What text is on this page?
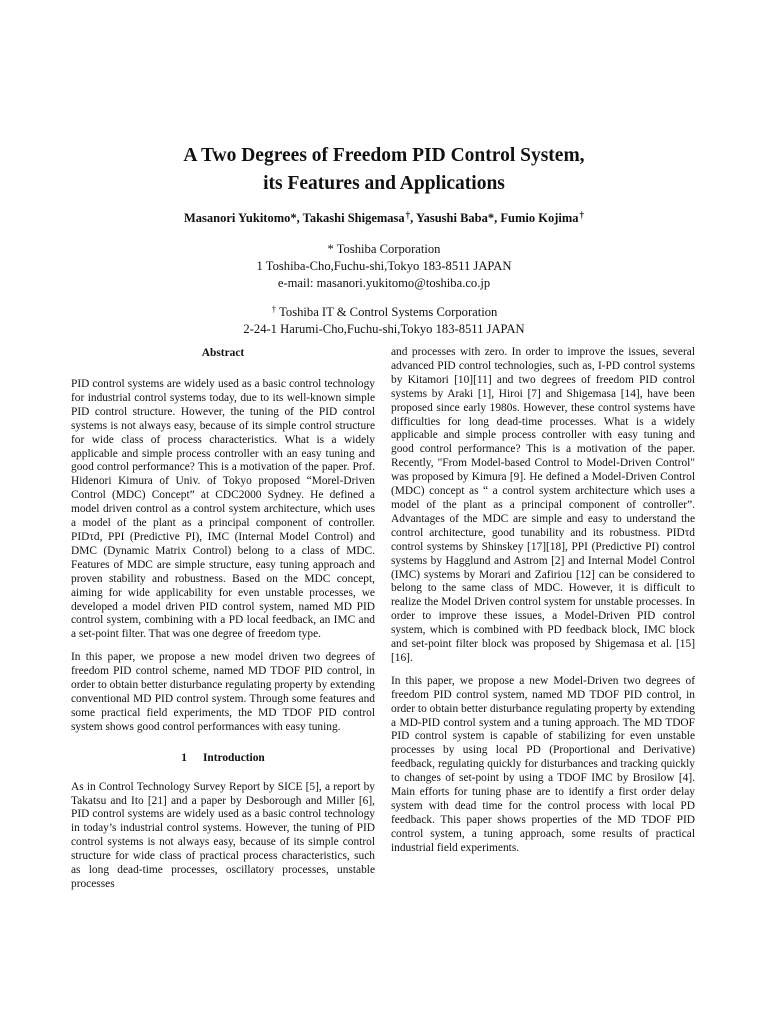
A Two Degrees of Freedom PID Control System,
its Features and Applications
Masanori Yukitomo*, Takashi Shigemasa†, Yasushi Baba*, Fumio Kojima†
* Toshiba Corporation
1 Toshiba-Cho,Fuchu-shi,Tokyo 183-8511 JAPAN
e-mail: masanori.yukitomo@toshiba.co.jp
† Toshiba IT & Control Systems Corporation
2-24-1 Harumi-Cho,Fuchu-shi,Tokyo 183-8511 JAPAN
Abstract

PID control systems are widely used as a basic control technology for industrial control systems today, due to its well-known simple PID control structure. However, the tuning of the PID control systems is not always easy, because of its simple control structure for wide class of process characteristics. What is a widely applicable and simple process controller with an easy tuning and good control performance? This is a motivation of the paper. Prof. Hidenori Kimura of Univ. of Tokyo proposed “Morel-Driven Control (MDC) Concept” at CDC2000 Sydney. He defined a model driven control as a control system architecture, which uses a model of the plant as a principal component of controller. PIDτd, PPI (Predictive PI), IMC (Internal Model Control) and DMC (Dynamic Matrix Control) belong to a class of MDC. Features of MDC are simple structure, easy tuning approach and proven stability and robustness. Based on the MDC concept, aiming for wide applicability for even unstable processes, we developed a model driven PID control system, named MD PID control system, combining with a PD local feedback, an IMC and a set-point filter. That was one degree of freedom type.

In this paper, we propose a new model driven two degrees of freedom PID control scheme, named MD TDOF PID control, in order to obtain better disturbance regulating property by extending conventional MD PID control system. Through some features and some practical field experiments, the MD TDOF PID control system shows good control performances with easy tuning.

1 Introduction

As in Control Technology Survey Report by SICE [5], a report by Takatsu and Ito [21] and a paper by Desborough and Miller [6], PID control systems are widely used as a basic control technology in today’s industrial control systems. However, the tuning of PID control systems is not always easy, because of its simple control structure for wide class of practical process characteristics, such as long dead-time processes, oscillatory processes, unstable processes

and processes with zero. In order to improve the issues, several advanced PID control technologies, such as, I-PD control systems by Kitamori [10][11] and two degrees of freedom PID control systems by Araki [1], Hiroi [7] and Shigemasa [14], have been proposed since early 1980s. However, these control systems have difficulties for long dead-time processes. What is a widely applicable and simple process controller with easy tuning and good control performance? This is a motivation of the paper. Recently, "From Model-based Control to Model-Driven Control" was proposed by Kimura [9]. He defined a Model-Driven Control (MDC) concept as “ a control system architecture which uses a model of the plant as a principal component of controller”. Advantages of the MDC are simple and easy to understand the control architecture, good tunability and its robustness. PIDτd control systems by Shinskey [17][18], PPI (Predictive PI) control systems by Hagglund and Astrom [2] and Internal Model Control (IMC) systems by Morari and Zafiriou [12] can be considered to belong to the same class of MDC. However, it is difficult to realize the Model Driven control system for unstable processes. In order to improve these issues, a Model-Driven PID control system, which is combined with PD feedback block, IMC block and set-point filter block was proposed by Shigemasa et al. [15][16].

In this paper, we propose a new Model-Driven two degrees of freedom PID control system, named MD TDOF PID control, in order to obtain better disturbance regulating property by extending a MD-PID control system and a tuning approach. The MD TDOF PID control system is capable of stabilizing for even unstable processes by using local PD (Proportional and Derivative) feedback, regulating quickly for disturbances and tracking quickly to changes of set-point by using a TDOF IMC by Brosilow [4]. Main efforts for tuning phase are to identify a first order delay system with dead time for the control process with local PD feedback. This paper shows properties of the MD TDOF PID control system, a tuning approach, some results of practical industrial field experiments.
